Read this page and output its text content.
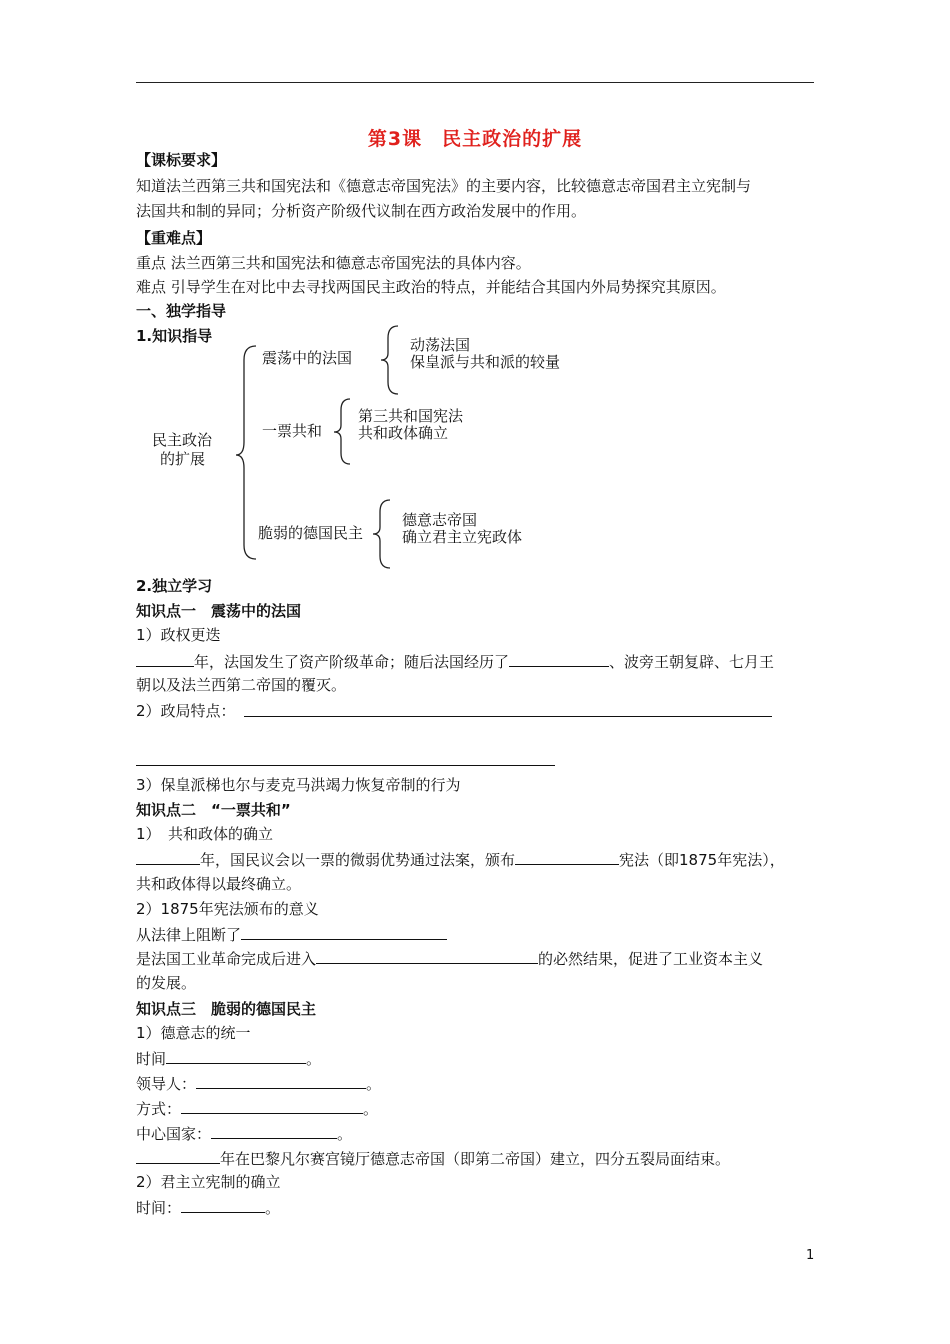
第3课　民主政治的扩展
【课标要求】
知道法兰西第三共和国宪法和《德意志帝国宪法》的主要内容，比较德意志帝国君主立宪制与
法国共和制的异同；分析资产阶级代议制在西方政治发展中的作用。
【重难点】
重点 法兰西第三共和国宪法和德意志帝国宪法的具体内容。
难点 引导学生在对比中去寻找两国民主政治的特点，并能结合其国内外局势探究其原因。
一、独学指导
1.知识指导
民主政治
的扩展
震荡中的法国
动荡法国
保皇派与共和派的较量
一票共和
第三共和国宪法
共和政体确立
脆弱的德国民主
德意志帝国
确立君主立宪政体
2.独立学习
知识点一　震荡中的法国
1）政权更迭
年，法国发生了资产阶级革命；随后法国经历了	、波旁王朝复辟、七月王
朝以及法兰西第二帝国的覆灭。
2）政局特点：
3）保皇派梯也尔与麦克马洪竭力恢复帝制的行为
知识点二　“一票共和”
1）　共和政体的确立
年，国民议会以一票的微弱优势通过法案，颁布	宪法（即1875年宪法），
共和政体得以最终确立。
2）1875年宪法颁布的意义
从法律上阻断了
是法国工业革命完成后进入	的必然结果，促进了工业资本主义
的发展。
知识点三　脆弱的德国民主
1）德意志的统一
时间	。
领导人：	。
方式：	。
中心国家：	。
年在巴黎凡尔赛宫镜厅德意志帝国（即第二帝国）建立，四分五裂局面结束。
2）君主立宪制的确立
时间：	。
1
